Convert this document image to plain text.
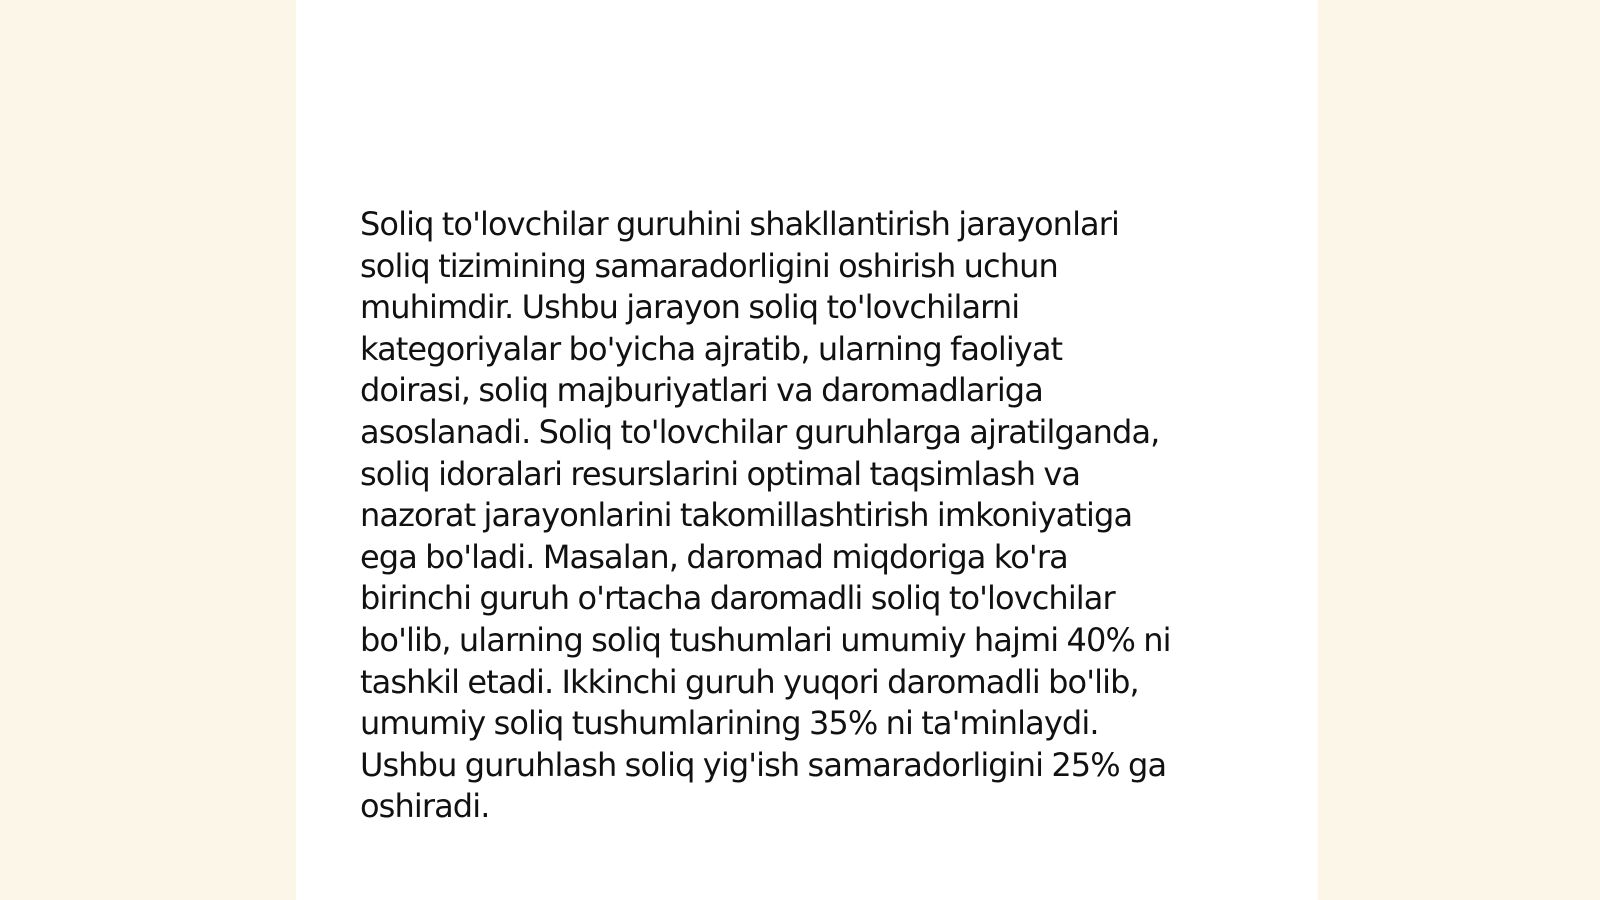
Soliq to'lovchilar guruhini shakllantirish jarayonlari
soliq tizimining samaradorligini oshirish uchun
muhimdir. Ushbu jarayon soliq to'lovchilarni
kategoriyalar bo'yicha ajratib, ularning faoliyat
doirasi, soliq majburiyatlari va daromadlariga
asoslanadi. Soliq to'lovchilar guruhlarga ajratilganda,
soliq idoralari resurslarini optimal taqsimlash va
nazorat jarayonlarini takomillashtirish imkoniyatiga
ega bo'ladi. Masalan, daromad miqdoriga ko'ra
birinchi guruh o'rtacha daromadli soliq to'lovchilar
bo'lib, ularning soliq tushumlari umumiy hajmi 40% ni
tashkil etadi. Ikkinchi guruh yuqori daromadli bo'lib,
umumiy soliq tushumlarining 35% ni ta'minlaydi.
Ushbu guruhlash soliq yig'ish samaradorligini 25% ga
oshiradi.
